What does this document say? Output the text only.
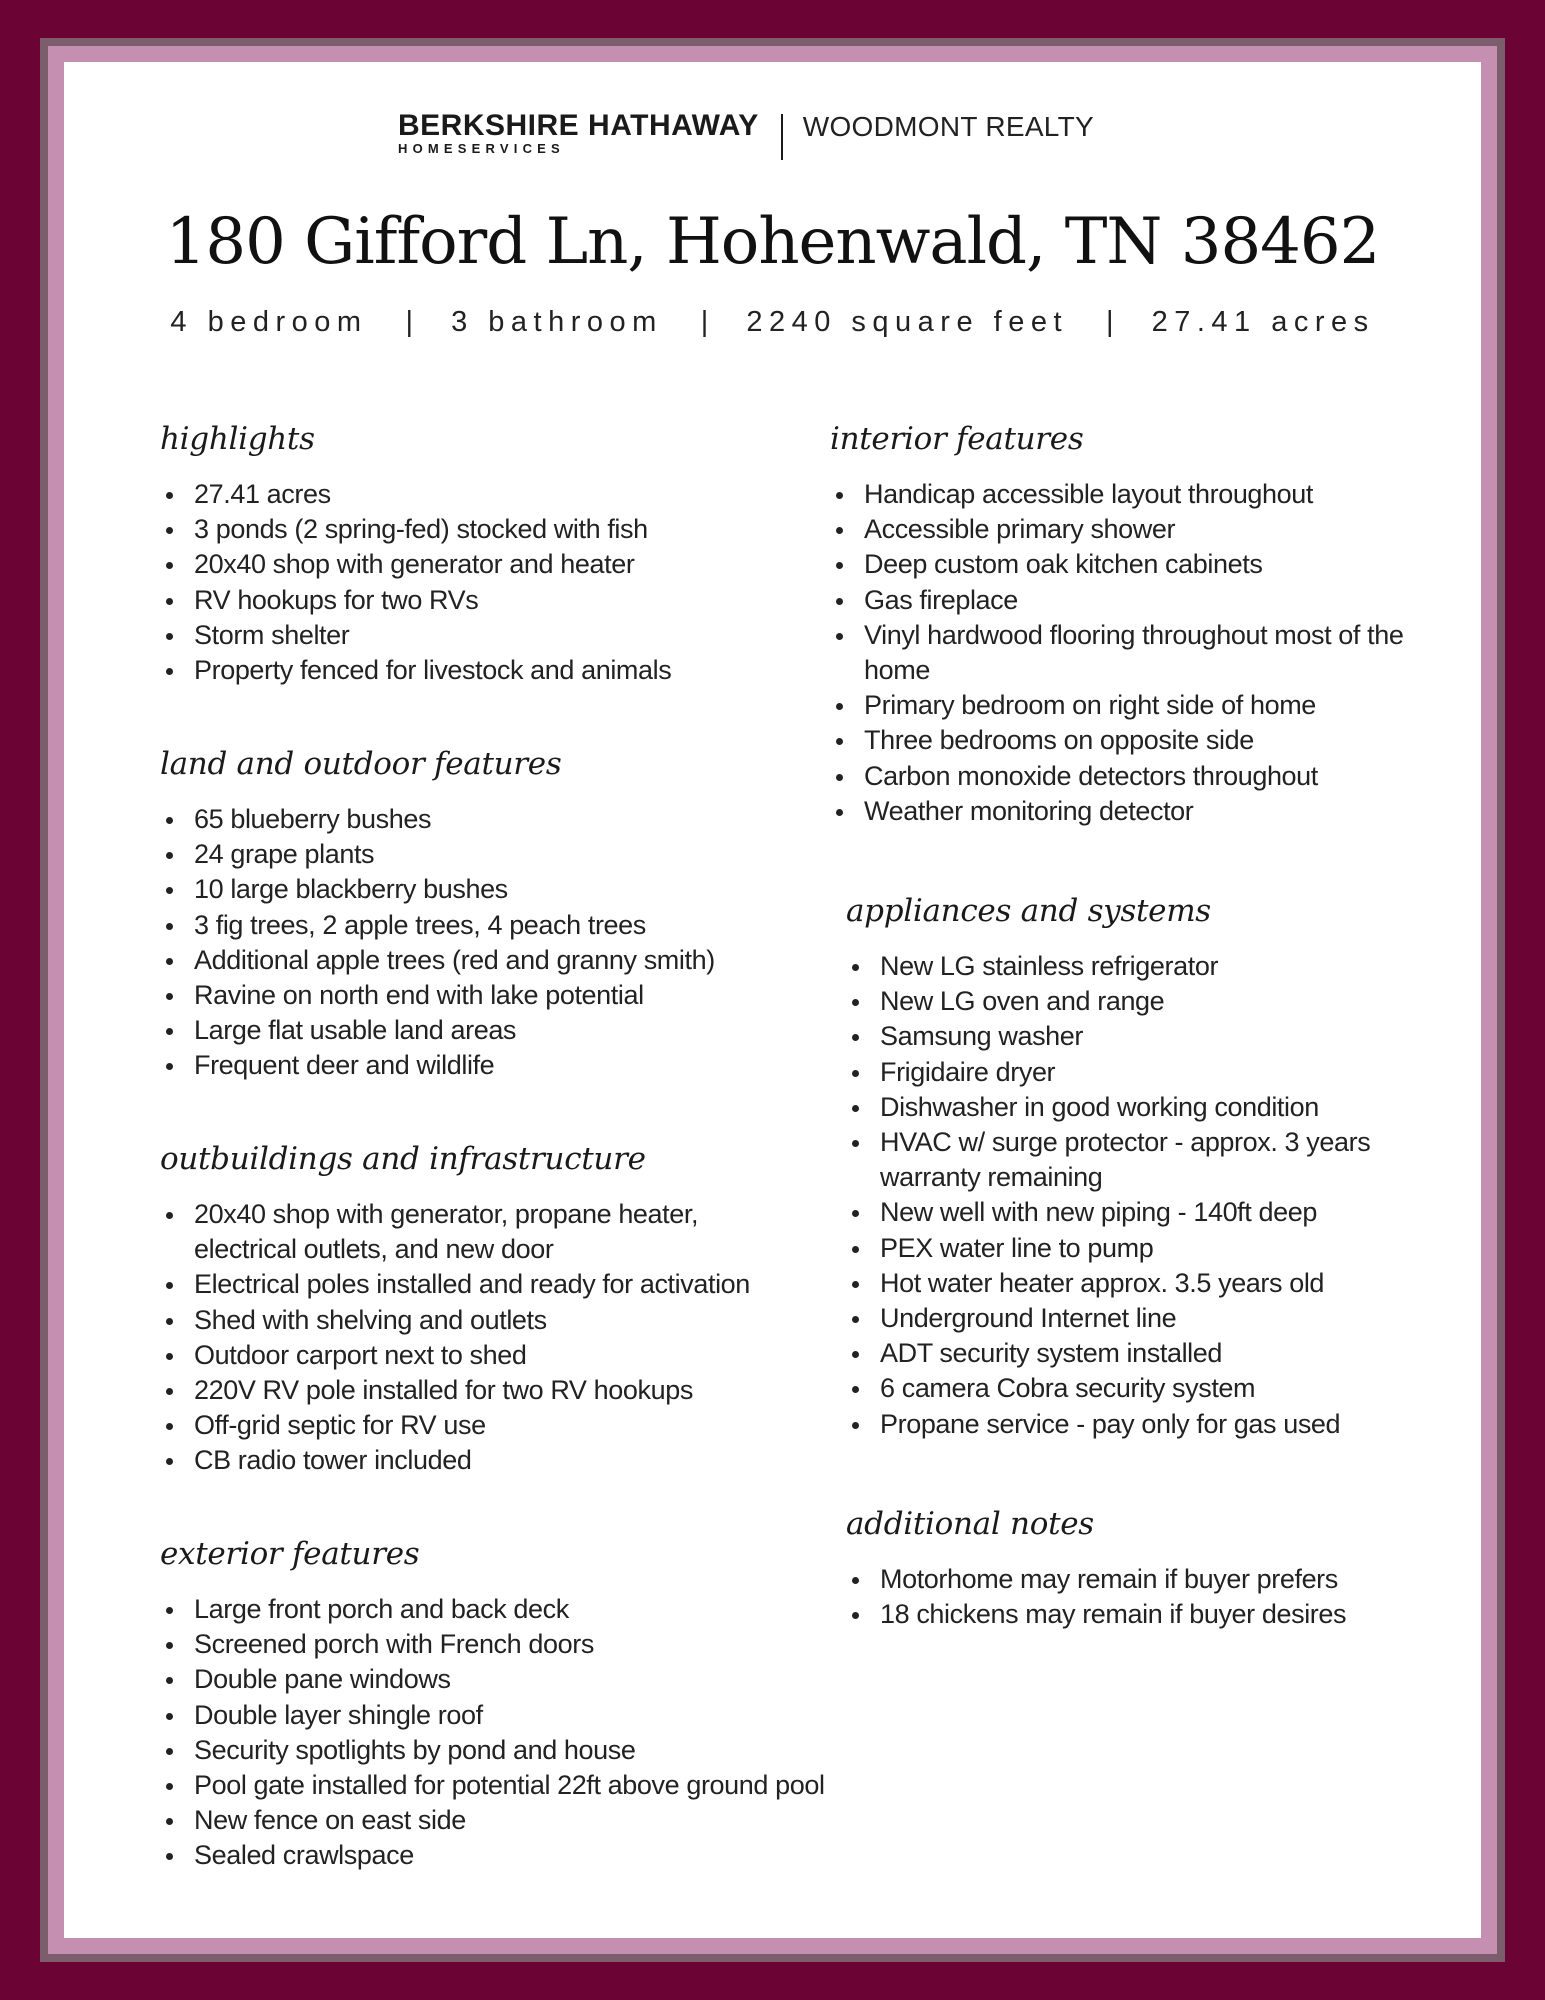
BERKSHIRE HATHAWAY
HOMESERVICES
WOODMONT REALTY
180 Gifford Ln, Hohenwald, TN 38462
4 bedroom | 3 bathroom | 2240 square feet | 27.41 acres
highlights
27.41 acres
3 ponds (2 spring-fed) stocked with fish
20x40 shop with generator and heater
RV hookups for two RVs
Storm shelter
Property fenced for livestock and animals
land and outdoor features
65 blueberry bushes
24 grape plants
10 large blackberry bushes
3 fig trees, 2 apple trees, 4 peach trees
Additional apple trees (red and granny smith)
Ravine on north end with lake potential
Large flat usable land areas
Frequent deer and wildlife
outbuildings and infrastructure
20x40 shop with generator, propane heater, electrical outlets, and new door
Electrical poles installed and ready for activation
Shed with shelving and outlets
Outdoor carport next to shed
220V RV pole installed for two RV hookups
Off-grid septic for RV use
CB radio tower included
exterior features
Large front porch and back deck
Screened porch with French doors
Double pane windows
Double layer shingle roof
Security spotlights by pond and house
Pool gate installed for potential 22ft above ground pool
New fence on east side
Sealed crawlspace
interior features
Handicap accessible layout throughout
Accessible primary shower
Deep custom oak kitchen cabinets
Gas fireplace
Vinyl hardwood flooring throughout most of the home
Primary bedroom on right side of home
Three bedrooms on opposite side
Carbon monoxide detectors throughout
Weather monitoring detector
appliances and systems
New LG stainless refrigerator
New LG oven and range
Samsung washer
Frigidaire dryer
Dishwasher in good working condition
HVAC w/ surge protector - approx. 3 years warranty remaining
New well with new piping - 140ft deep
PEX water line to pump
Hot water heater approx. 3.5 years old
Underground Internet line
ADT security system installed
6 camera Cobra security system
Propane service - pay only for gas used
additional notes
Motorhome may remain if buyer prefers
18 chickens may remain if buyer desires
